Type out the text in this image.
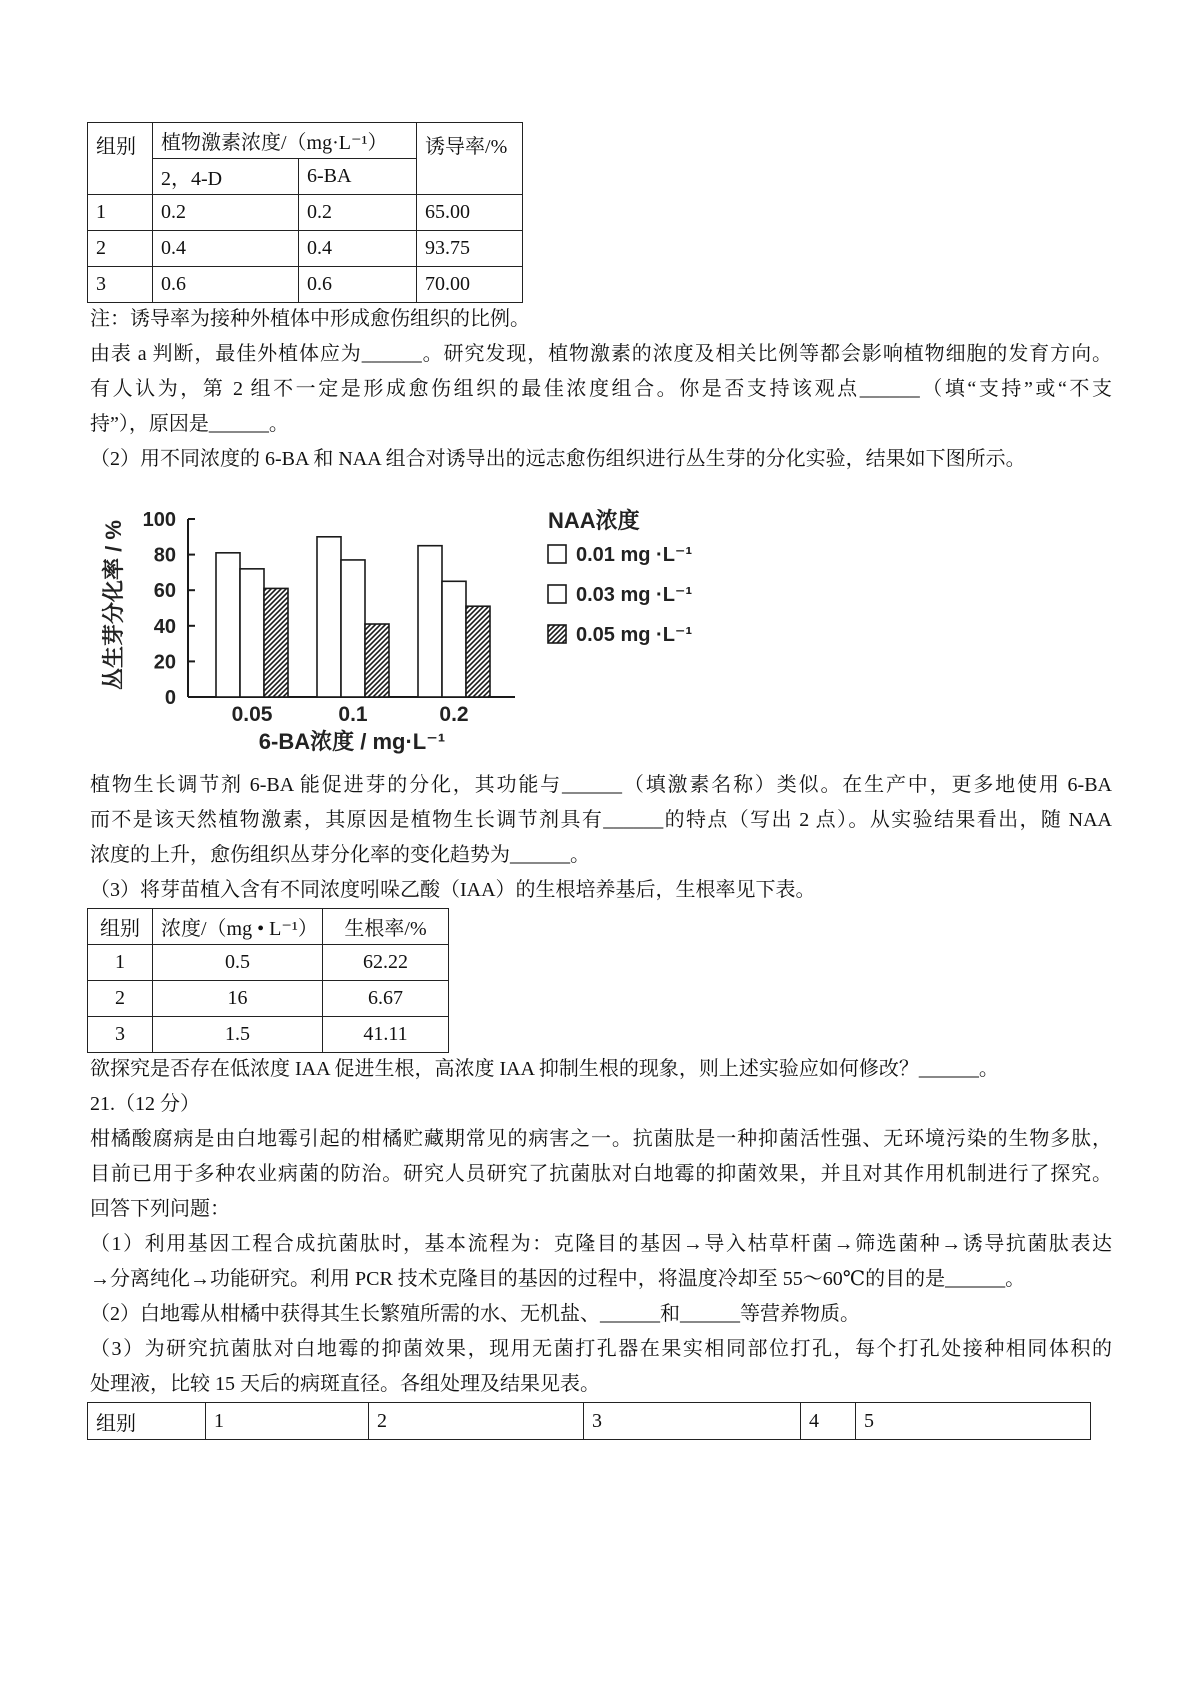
组别	植物激素浓度/（mg·L⁻¹）		诱导率/%
	2，4-D	6-BA	
1	0.2	0.2	65.00
2	0.4	0.4	93.75
3	0.6	0.6	70.00
注：诱导率为接种外植体中形成愈伤组织的比例。
由表 a 判断，最佳外植体应为______。研究发现，植物激素的浓度及相关比例等都会影响植物细胞的发育方向。
有人认为，第 2 组不一定是形成愈伤组织的最佳浓度组合。你是否支持该观点______（填“支持”或“不支
持”），原因是______。
（2）用不同浓度的 6-BA 和 NAA 组合对诱导出的远志愈伤组织进行丛生芽的分化实验，结果如下图所示。
0
20
40
60
80
100
0.05	0.1	0.2
6-BA浓度 / mg·L⁻¹
丛生芽分化率 / %	NAA浓度
0.01 mg ·L⁻¹
0.03 mg ·L⁻¹
0.05 mg ·L⁻¹
植物生长调节剂 6-BA 能促进芽的分化，其功能与______（填激素名称）类似。在生产中，更多地使用 6-BA
而不是该天然植物激素，其原因是植物生长调节剂具有______的特点（写出 2 点）。从实验结果看出，随 NAA
浓度的上升，愈伤组织丛芽分化率的变化趋势为______。
（3）将芽苗植入含有不同浓度吲哚乙酸（IAA）的生根培养基后，生根率见下表。
组别	浓度/（mg • L⁻¹）	生根率/%
1	0.5	62.22
2	16	6.67
3	1.5	41.11
欲探究是否存在低浓度 IAA 促进生根，高浓度 IAA 抑制生根的现象，则上述实验应如何修改？______。
21.（12 分）
柑橘酸腐病是由白地霉引起的柑橘贮藏期常见的病害之一。抗菌肽是一种抑菌活性强、无环境污染的生物多肽，
目前已用于多种农业病菌的防治。研究人员研究了抗菌肽对白地霉的抑菌效果，并且对其作用机制进行了探究。
回答下列问题：
（1）利用基因工程合成抗菌肽时，基本流程为：克隆目的基因→导入枯草杆菌→筛选菌种→诱导抗菌肽表达
→分离纯化→功能研究。利用 PCR 技术克隆目的基因的过程中，将温度冷却至 55～60℃的目的是______。
（2）白地霉从柑橘中获得其生长繁殖所需的水、无机盐、______和______等营养物质。
（3）为研究抗菌肽对白地霉的抑菌效果，现用无菌打孔器在果实相同部位打孔，每个打孔处接种相同体积的
处理液，比较 15 天后的病斑直径。各组处理及结果见表。
组别	1	2	3	4	5
